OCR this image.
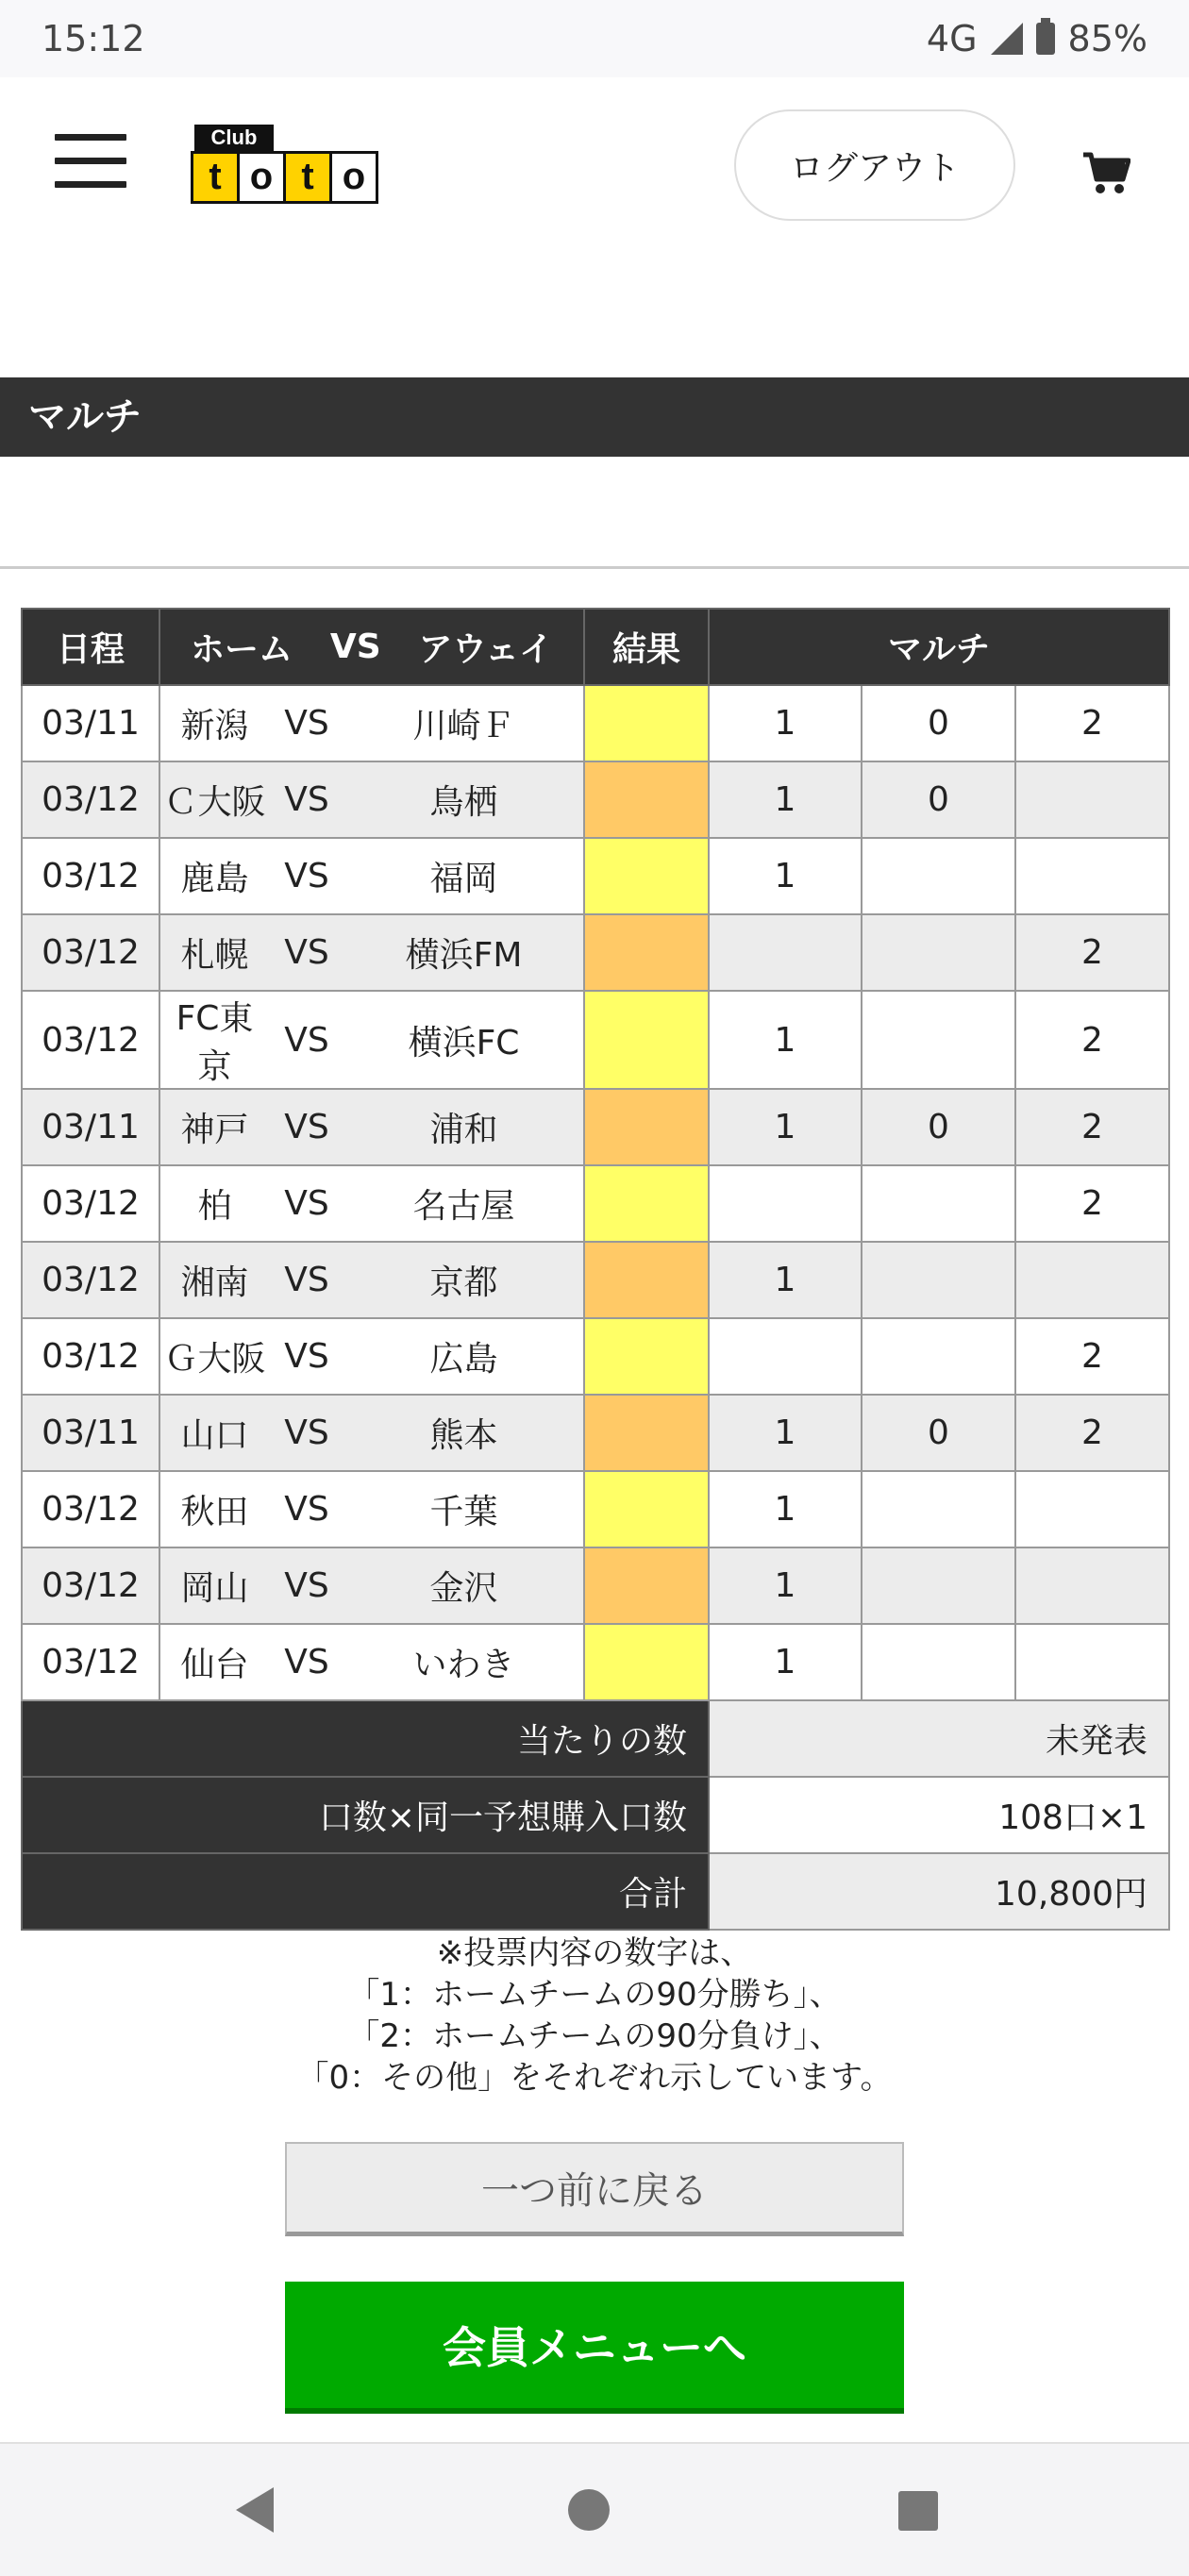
15:12	4G	85%
Club
t o t o	ログアウト
マルチ
日程	ホーム VS アウェイ			結果	マルチ		
03/11	新潟	VS	川崎Ｆ		1	0	2
03/12	Ｃ大阪	VS	鳥栖		1	0	
03/12	鹿島	VS	福岡		1		
03/12	札幌	VS	横浜FM				2
03/12	FC東京	VS	横浜FC		1		2
03/11	神戸	VS	浦和		1	0	2
03/12	柏	VS	名古屋				2
03/12	湘南	VS	京都		1		
03/12	Ｇ大阪	VS	広島				2
03/11	山口	VS	熊本		1	0	2
03/12	秋田	VS	千葉		1		
03/12	岡山	VS	金沢		1		
03/12	仙台	VS	いわき		1		
当たりの数					未発表		
口数×同一予想購入口数					108口×1		
合計					10,800円		
※投票内容の数字は、
「1：ホームチームの90分勝ち」、
「2：ホームチームの90分負け」、
「0：その他」をそれぞれ示しています。
一つ前に戻る
会員メニューへ
